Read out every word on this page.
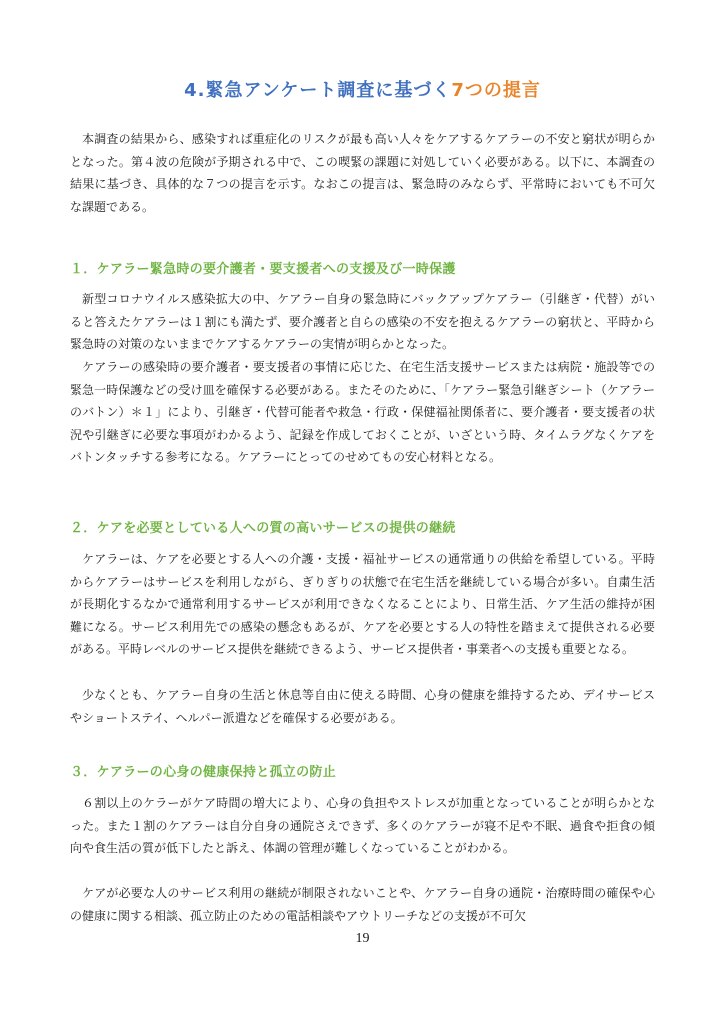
4.緊急アンケート調査に基づく7つの提言

本調査の結果から、感染すれば重症化のリスクが最も高い人々をケアするケアラーの不安と窮状が明らかとなった。第４波の危険が予期される中で、この喫緊の課題に対処していく必要がある。以下に、本調査の結果に基づき、具体的な７つの提言を示す。なおこの提言は、緊急時のみならず、平常時においても不可欠な課題である。

１．ケアラー緊急時の要介護者・要支援者への支援及び一時保護

新型コロナウイルス感染拡大の中、ケアラー自身の緊急時にバックアップケアラー（引継ぎ・代替）がいると答えたケアラーは１割にも満たず、要介護者と自らの感染の不安を抱えるケアラーの窮状と、平時から緊急時の対策のないままでケアするケアラーの実情が明らかとなった。

ケアラーの感染時の要介護者・要支援者の事情に応じた、在宅生活支援サービスまたは病院・施設等での緊急一時保護などの受け皿を確保する必要がある。またそのために、「ケアラー緊急引継ぎシート（ケアラーのバトン）＊１」により、引継ぎ・代替可能者や救急・行政・保健福祉関係者に、要介護者・要支援者の状況や引継ぎに必要な事項がわかるよう、記録を作成しておくことが、いざという時、タイムラグなくケアをバトンタッチする参考になる。ケアラーにとってのせめてもの安心材料となる。

２．ケアを必要としている人への質の高いサービスの提供の継続

ケアラーは、ケアを必要とする人への介護・支援・福祉サービスの通常通りの供給を希望している。平時からケアラーはサービスを利用しながら、ぎりぎりの状態で在宅生活を継続している場合が多い。自粛生活が長期化するなかで通常利用するサービスが利用できなくなることにより、日常生活、ケア生活の維持が困難になる。サービス利用先での感染の懸念もあるが、ケアを必要とする人の特性を踏まえて提供される必要がある。平時レベルのサービス提供を継続できるよう、サービス提供者・事業者への支援も重要となる。

少なくとも、ケアラー自身の生活と休息等自由に使える時間、心身の健康を維持するため、デイサービスやショートステイ、ヘルパー派遣などを確保する必要がある。

３．ケアラーの心身の健康保持と孤立の防止

６割以上のケラーがケア時間の増大により、心身の負担やストレスが加重となっていることが明らかとなった。また１割のケアラーは自分自身の通院さえできず、多くのケアラーが寝不足や不眠、過食や拒食の傾向や食生活の質が低下したと訴え、体調の管理が難しくなっていることがわかる。

ケアが必要な人のサービス利用の継続が制限されないことや、ケアラー自身の通院・治療時間の確保や心の健康に関する相談、孤立防止のための電話相談やアウトリーチなどの支援が不可欠

19
